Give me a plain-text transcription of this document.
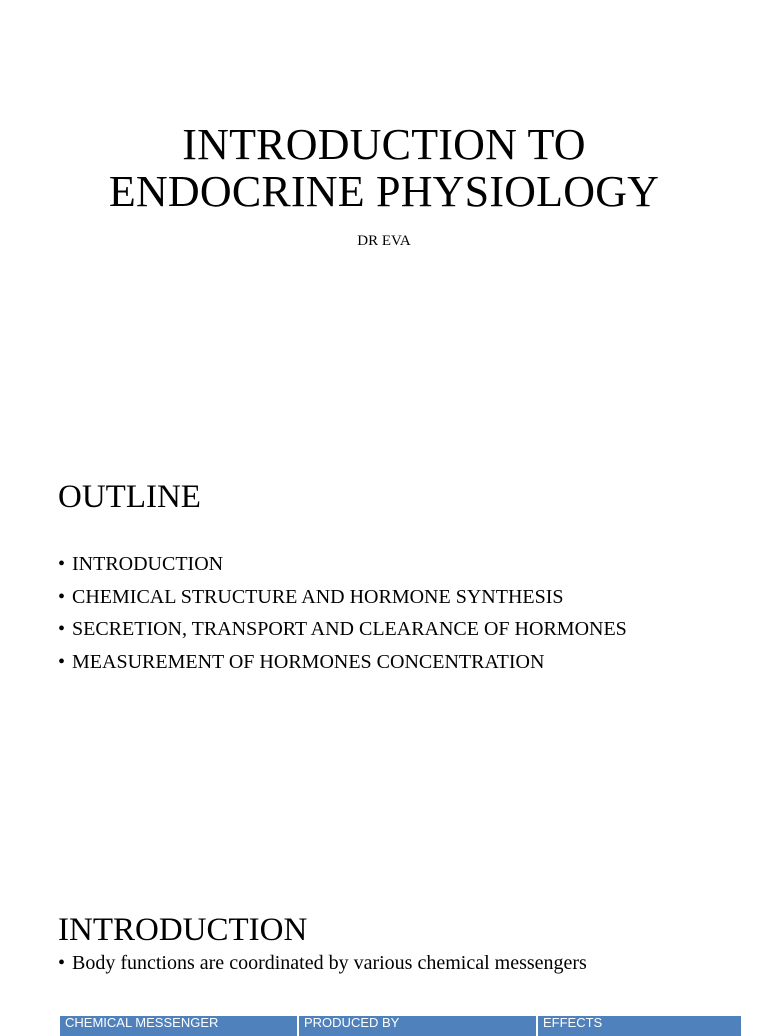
INTRODUCTION TO
ENDOCRINE PHYSIOLOGY

DR EVA

OUTLINE
• INTRODUCTION
• CHEMICAL STRUCTURE AND HORMONE SYNTHESIS
• SECRETION, TRANSPORT AND CLEARANCE OF HORMONES
• MEASUREMENT OF HORMONES CONCENTRATION
INTRODUCTION

• Body functions are coordinated by various chemical messengers

CHEMICAL MESSENGER	PRODUCED BY	EFFECTS
